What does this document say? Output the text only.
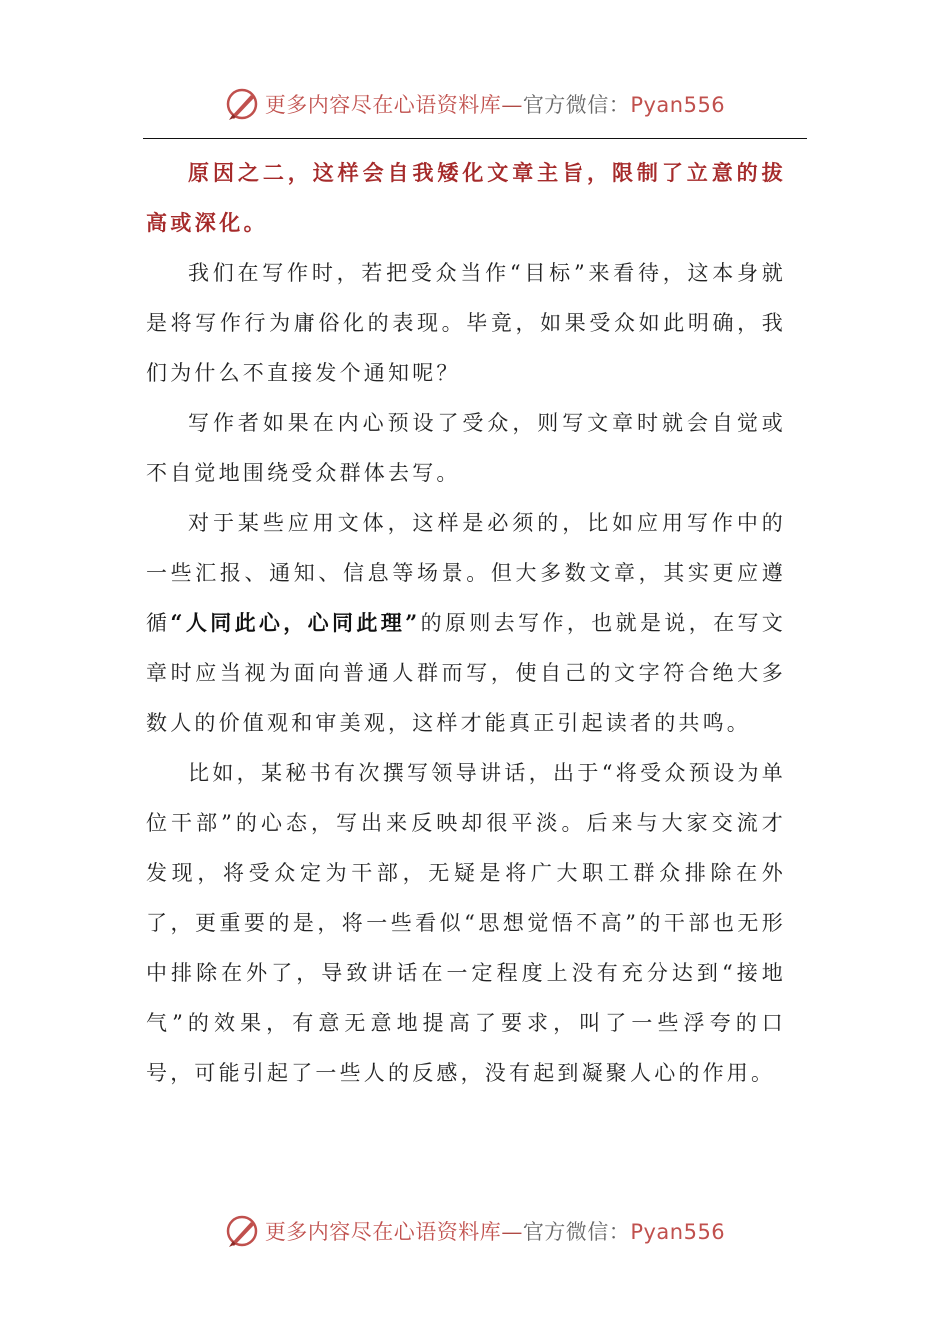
更多内容尽在心语资料库—官方微信：Pyan556

原因之二，这样会自我矮化文章主旨，限制了立意的拔高或深化。

我们在写作时，若把受众当作“目标”来看待，这本身就是将写作行为庸俗化的表现。毕竟，如果受众如此明确，我们为什么不直接发个通知呢？

写作者如果在内心预设了受众，则写文章时就会自觉或不自觉地围绕受众群体去写。

对于某些应用文体，这样是必须的，比如应用写作中的一些汇报、通知、信息等场景。但大多数文章，其实更应遵循“人同此心，心同此理”的原则去写作，也就是说，在写文章时应当视为面向普通人群而写，使自己的文字符合绝大多数人的价值观和审美观，这样才能真正引起读者的共鸣。

比如，某秘书有次撰写领导讲话，出于“将受众预设为单位干部”的心态，写出来反映却很平淡。后来与大家交流才发现，将受众定为干部，无疑是将广大职工群众排除在外了，更重要的是，将一些看似“思想觉悟不高”的干部也无形中排除在外了，导致讲话在一定程度上没有充分达到“接地气”的效果，有意无意地提高了要求，叫了一些浮夸的口号，可能引起了一些人的反感，没有起到凝聚人心的作用。

更多内容尽在心语资料库—官方微信：Pyan556
